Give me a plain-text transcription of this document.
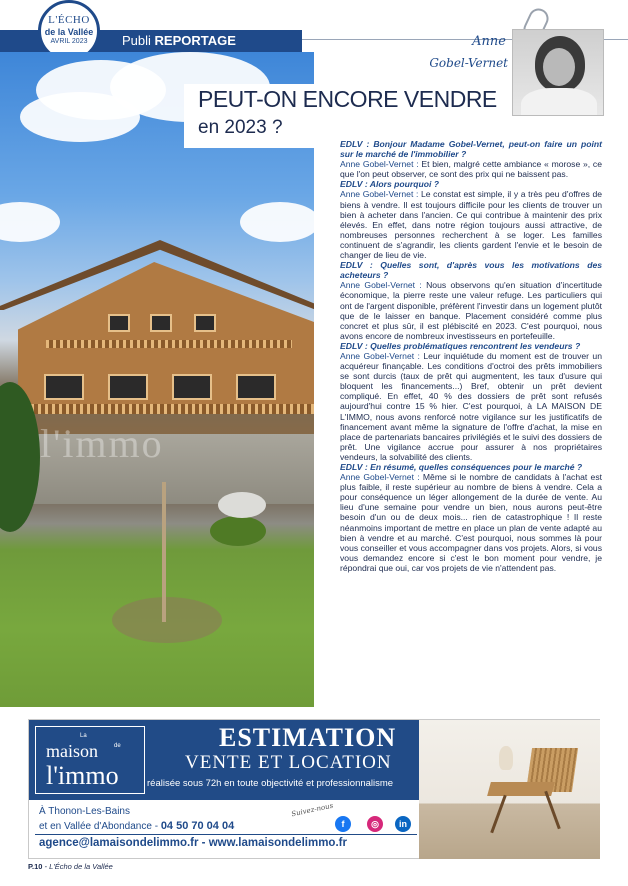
L'ÉCHO
de la Vallée
AVRIL 2023	Publi REPORTAGE
l'immo
PEUT-ON ENCORE VENDRE
en 2023 ?
Anne
Gobel-Vernet

EDLV : Bonjour Madame Gobel-Vernet, peut-on faire un point sur le marché de l'immobilier ?

Anne Gobel-Vernet : Et bien, malgré cette ambiance « morose », ce que l'on peut observer, ce sont des prix qui ne baissent pas.

EDLV : Alors pourquoi ?

Anne Gobel-Vernet : Le constat est simple, il y a très peu d'offres de biens à vendre. Il est toujours difficile pour les clients de trouver un bien à acheter dans l'ancien. Ce qui contribue à maintenir des prix élevés. En effet, dans notre région toujours aussi attractive, de nombreuses personnes recherchent à se loger. Les familles continuent de s'agrandir, les clients gardent l'envie et le besoin de changer de lieu de vie.

EDLV : Quelles sont, d'après vous les motivations des acheteurs ?

Anne Gobel-Vernet : Nous observons qu'en situation d'incertitude économique, la pierre reste une valeur refuge. Les particuliers qui ont de l'argent disponible, préfèrent l'investir dans un logement plutôt que de le laisser en banque. Placement considéré comme plus concret et plus sûr, il est plébiscité en 2023. C'est pourquoi, nous avons encore de nombreux investisseurs en portefeuille.

EDLV : Quelles problématiques rencontrent les vendeurs ?

Anne Gobel-Vernet : Leur inquiétude du moment est de trouver un acquéreur finançable. Les conditions d'octroi des prêts immobiliers se sont durcis (taux de prêt qui augmentent, les taux d'usure qui bloquent les financements...) Bref, obtenir un prêt devient compliqué. En effet, 40 % des dossiers de prêt sont refusés aujourd'hui contre 15 % hier. C'est pourquoi, à LA MAISON DE L'IMMO, nous avons renforcé notre vigilance sur les justificatifs de financement avant même la signature de l'offre d'achat, la mise en place de partenariats bancaires privilégiés et le suivi des dossiers de prêt. Une vigilance accrue pour assurer à nos propriétaires vendeurs, la solvabilité des clients.

EDLV : En résumé, quelles conséquences pour le marché ?

Anne Gobel-Vernet : Même si le nombre de candidats à l'achat est plus faible, il reste supérieur au nombre de biens à vendre. Cela a pour conséquence un léger allongement de la durée de vente. Au lieu d'une semaine pour vendre un bien, nous aurons peut-être besoin d'un ou de deux mois... rien de catastrophique ! Il reste néanmoins important de mettre en place un plan de vente adapté au bien à vendre et au marché. C'est pourquoi, nous sommes là pour vous conseiller et vous accompagner dans vos projets. Alors, si vous vous demandez encore si c'est le bon moment pour vendre, je répondrai que oui, car vos projets de vie n'attendent pas.

La
maison	de
l'immo
ESTIMATION
VENTE ET LOCATION
réalisée sous 72h en toute objectivité et professionnalisme
À Thonon-Les-Bains
et en Vallée d'Abondance - 04 50 70 04 04
Suivez-nous
f	◎	in
agence@lamaisondelimmo.fr - www.lamaisondelimmo.fr
P.10 - L'Écho de la Vallée
